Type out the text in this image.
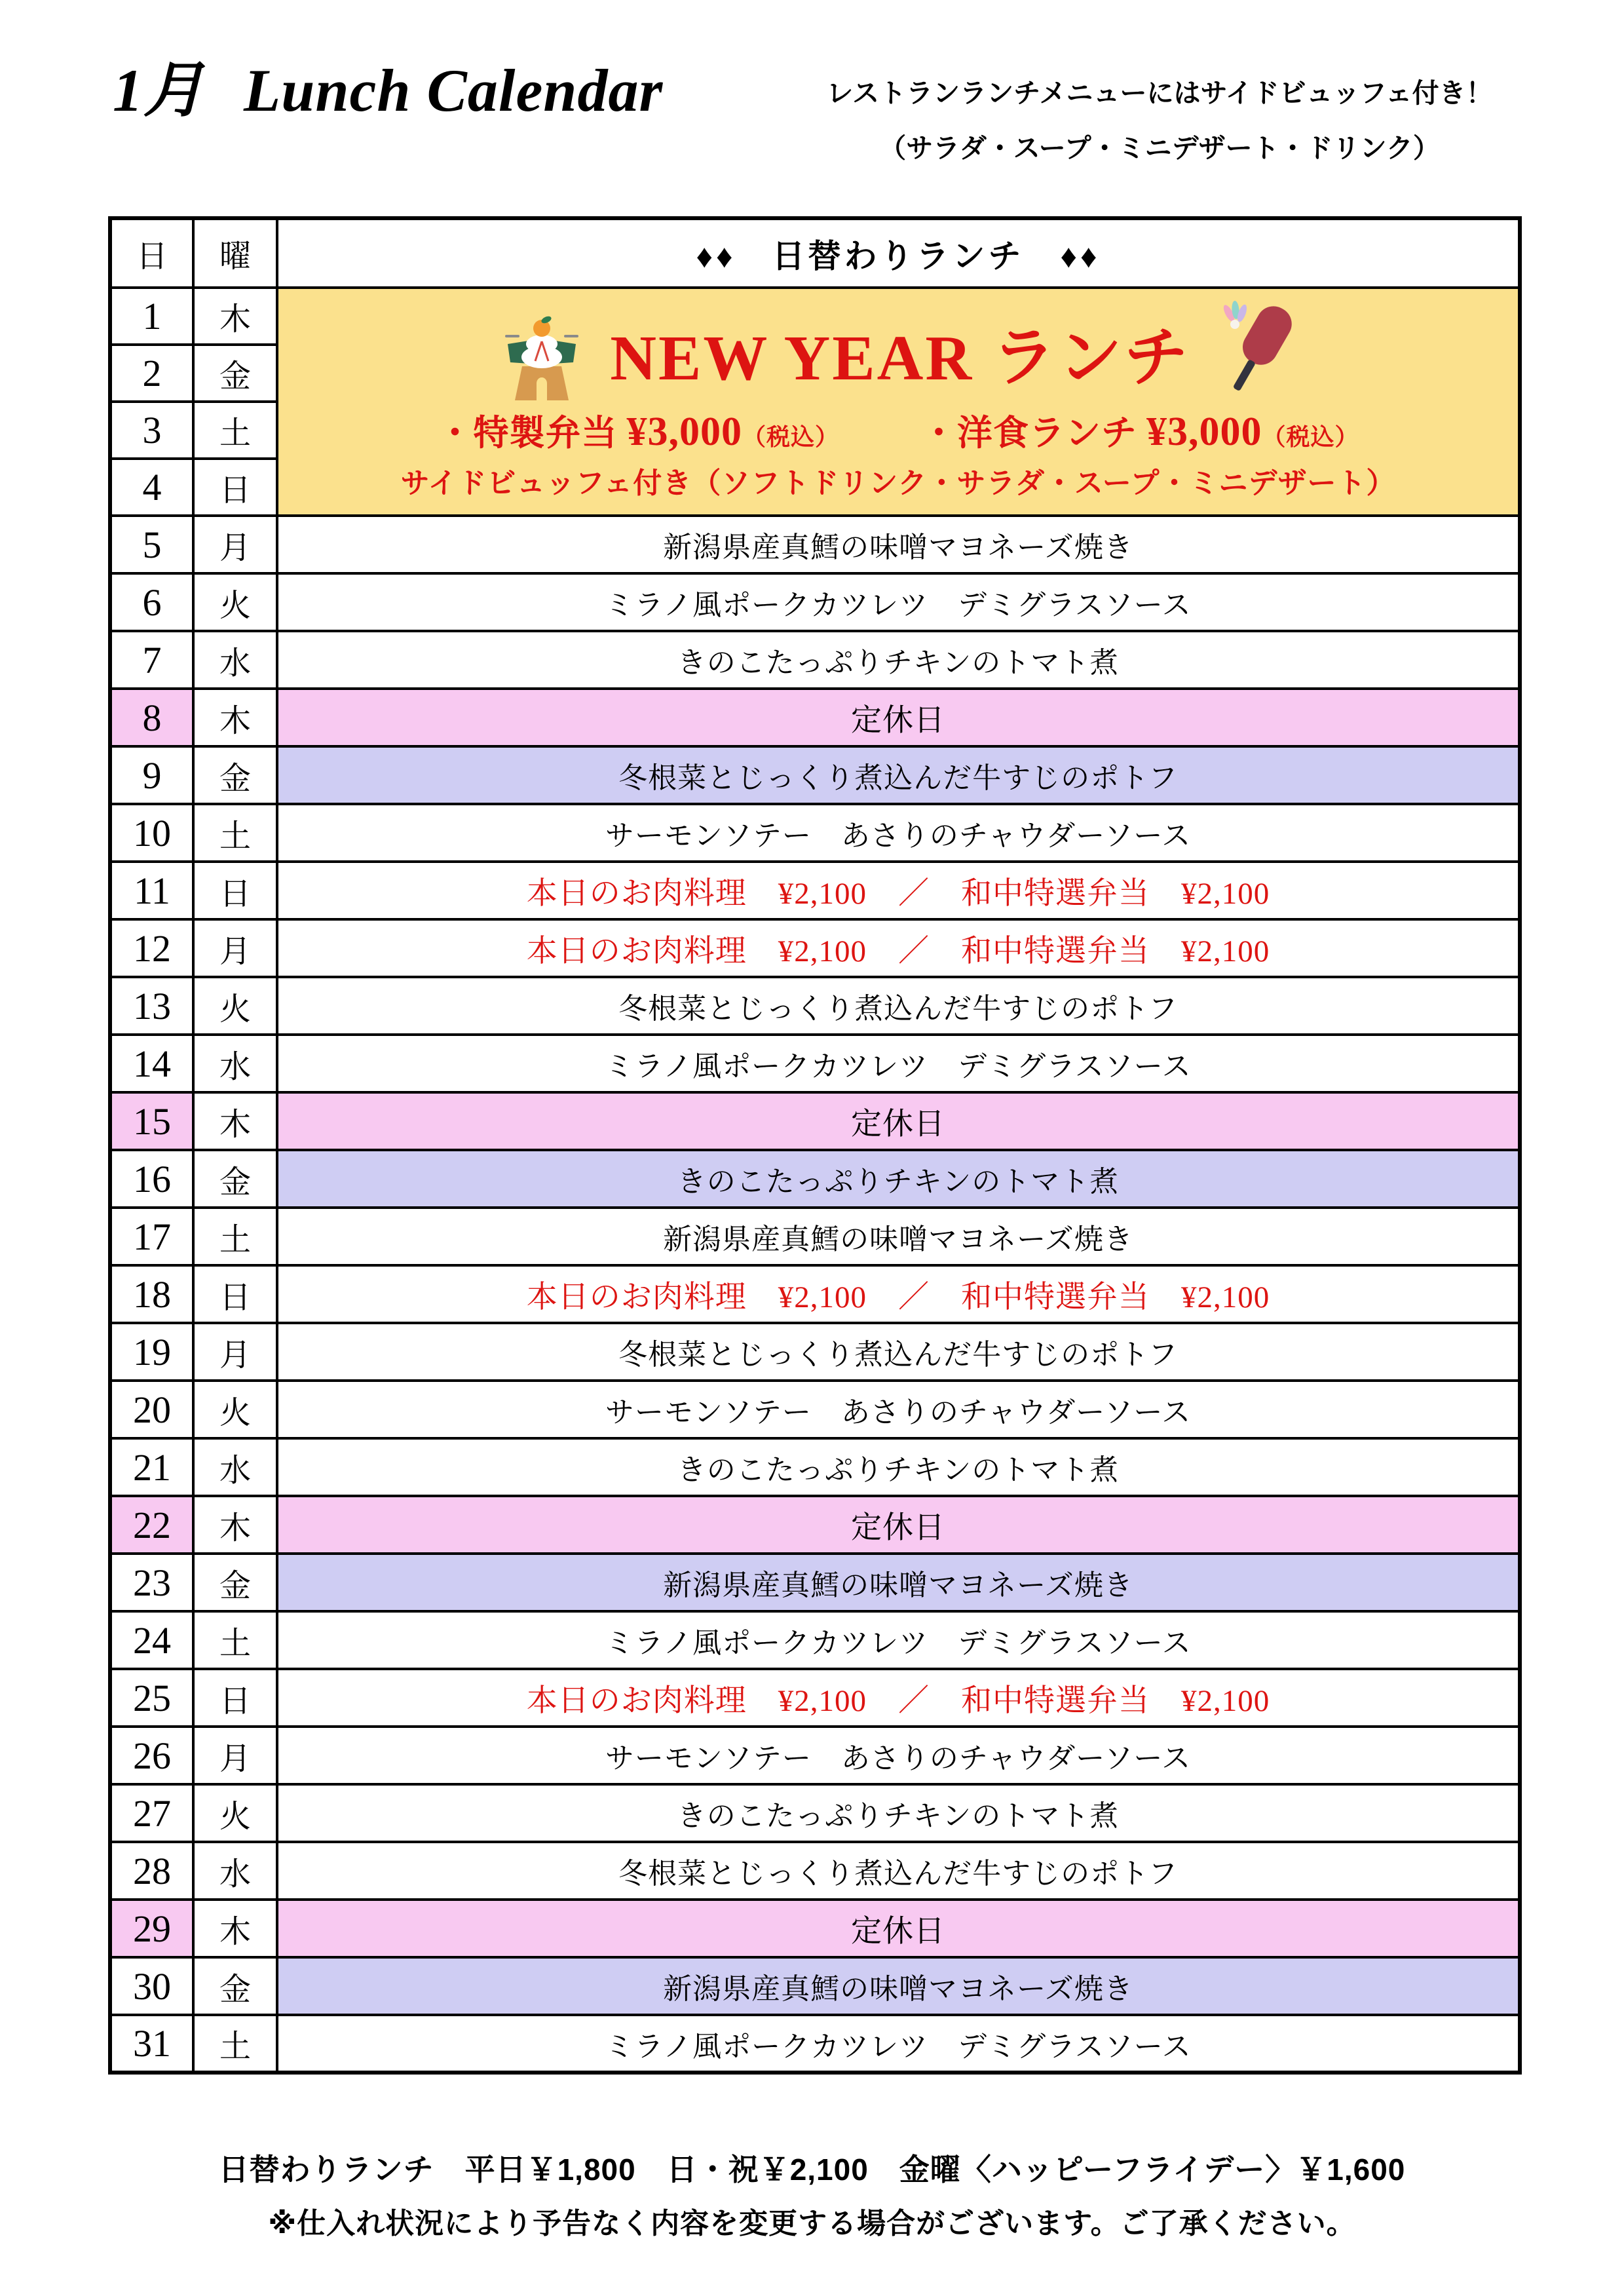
1月 Lunch Calendar	レストランランチメニューにはサイドビュッフェ付き！
（サラダ・スープ・ミニデザート・ドリンク）
日	曜	♦♦　日替わりランチ　♦♦
1	木	NEW YEAR ランチ
・特製弁当 ¥3,000（税込） ・洋食ランチ ¥3,000（税込）
サイドビュッフェ付き（ソフトドリンク・サラダ・スープ・ミニデザート）

2	金	
3	土	
4	日	
5	月	新潟県産真鱈の味噌マヨネーズ焼き
6	火	ミラノ風ポークカツレツ　デミグラスソース
7	水	きのこたっぷりチキンのトマト煮
8	木	定休日
9	金	冬根菜とじっくり煮込んだ牛すじのポトフ
10	土	サーモンソテー　あさりのチャウダーソース
11	日	本日のお肉料理　¥2,100　／　和中特選弁当　¥2,100
12	月	本日のお肉料理　¥2,100　／　和中特選弁当　¥2,100
13	火	冬根菜とじっくり煮込んだ牛すじのポトフ
14	水	ミラノ風ポークカツレツ　デミグラスソース
15	木	定休日
16	金	きのこたっぷりチキンのトマト煮
17	土	新潟県産真鱈の味噌マヨネーズ焼き
18	日	本日のお肉料理　¥2,100　／　和中特選弁当　¥2,100
19	月	冬根菜とじっくり煮込んだ牛すじのポトフ
20	火	サーモンソテー　あさりのチャウダーソース
21	水	きのこたっぷりチキンのトマト煮
22	木	定休日
23	金	新潟県産真鱈の味噌マヨネーズ焼き
24	土	ミラノ風ポークカツレツ　デミグラスソース
25	日	本日のお肉料理　¥2,100　／　和中特選弁当　¥2,100
26	月	サーモンソテー　あさりのチャウダーソース
27	火	きのこたっぷりチキンのトマト煮
28	水	冬根菜とじっくり煮込んだ牛すじのポトフ
29	木	定休日
30	金	新潟県産真鱈の味噌マヨネーズ焼き
31	土	ミラノ風ポークカツレツ　デミグラスソース
日替わりランチ　平日￥1,800　日・祝￥2,100　金曜〈ハッピーフライデー〉￥1,600
※仕入れ状況により予告なく内容を変更する場合がございます。ご了承ください。
